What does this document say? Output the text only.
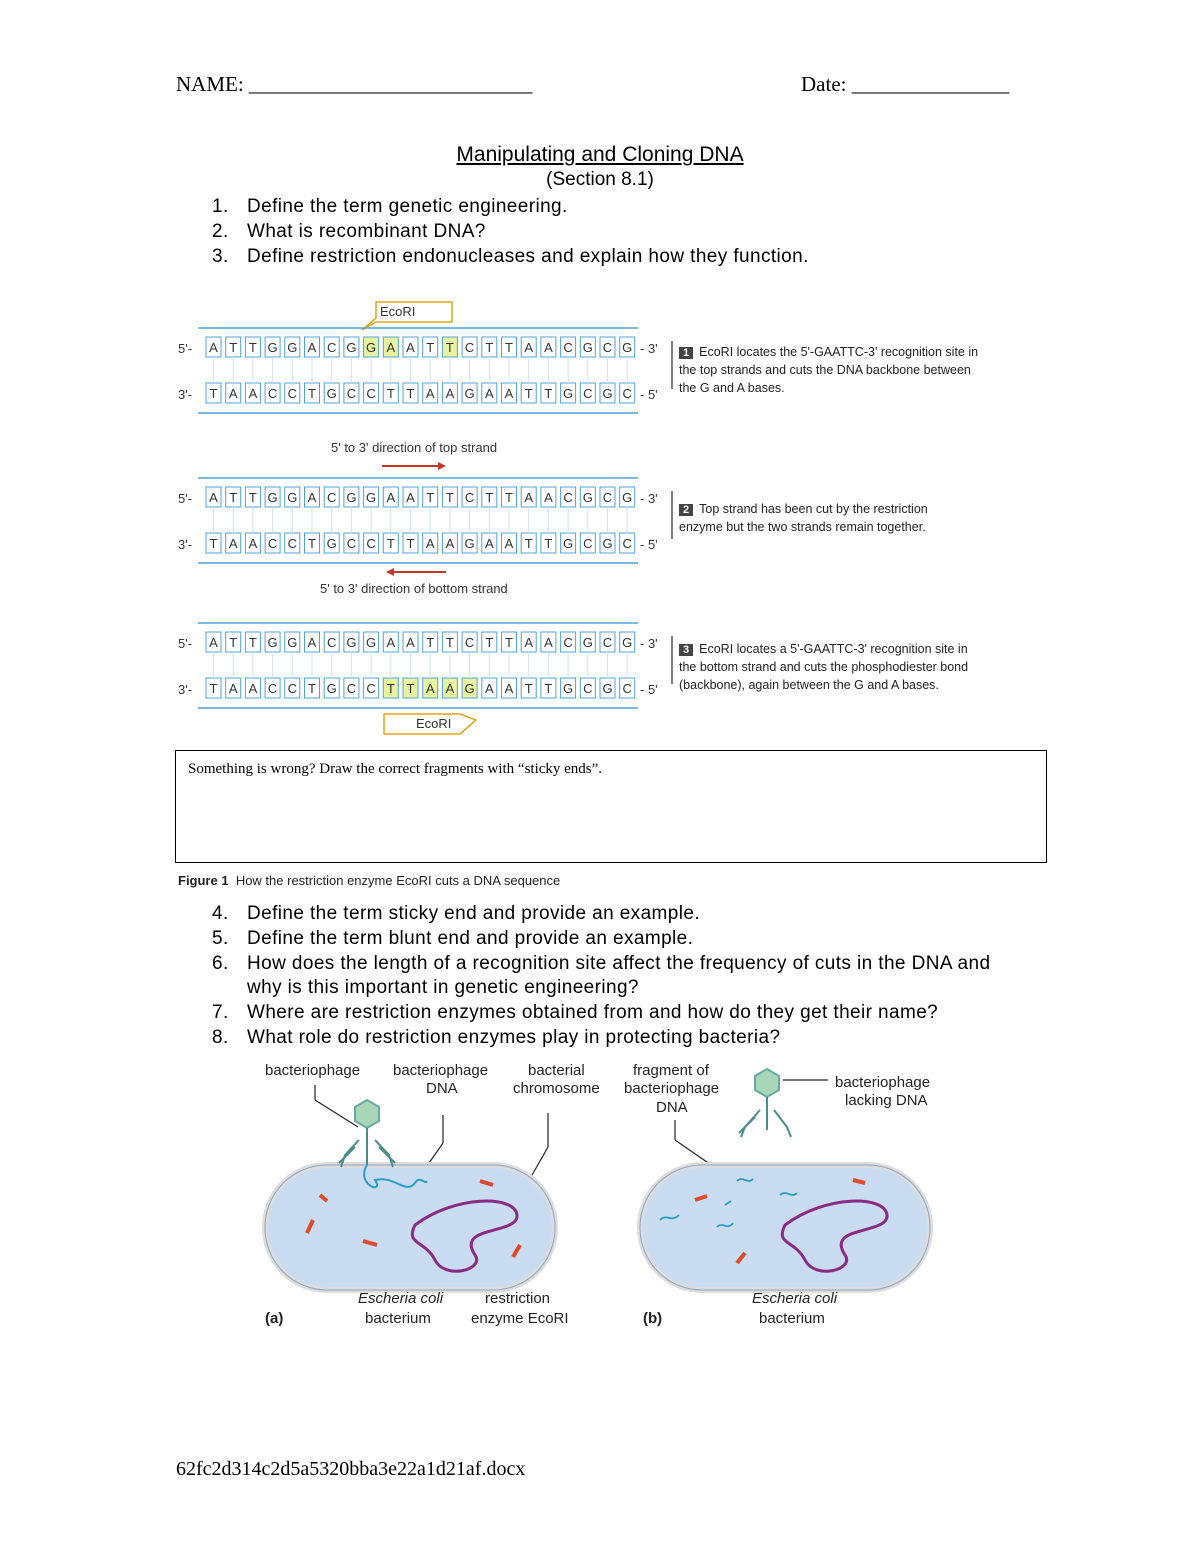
NAME: ___________________________	Date: _______________
Manipulating and Cloning DNA
(Section 8.1)
1. Define the term genetic engineering.
2. What is recombinant DNA?
3. Define restriction endonucleases and explain how they function.
EcoRI
5'-
3'-
- 3'
- 5'
A
T
T
A
T
A
G
C
G
C
A
T
C
G
G
C
G
C
A
T
A
T
T
A
T
A
C
G
T
A
T
A
A
T
A
T
C
G
G
C
C
G
G
C
5'-
3'-
- 3'
- 5'
A
T
T
A
T
A
G
C
G
C
A
T
C
G
G
C
G
C
A
T
A
T
T
A
T
A
C
G
T
A
T
A
A
T
A
T
C
G
G
C
C
G
G
C
5'-
3'-
- 3'
- 5'
A
T
T
A
T
A
G
C
G
C
A
T
C
G
G
C
G
C
A
T
A
T
T
A
T
A
C
G
T
A
T
A
A
T
A
T
C
G
G
C
C
G
G
C
5' to 3' direction of top strand
5' to 3' direction of bottom strand
EcoRI
1 EcoRI locates the 5'-GAATTC-3' recognition site in the top strands and cuts the DNA backbone between the G and A bases.
2 Top strand has been cut by the restriction enzyme but the two strands remain together.
3 EcoRI locates a 5'-GAATTC-3' recognition site in the bottom strand and cuts the phosphodiester bond (backbone), again between the G and A bases.
Something is wrong? Draw the correct fragments with “sticky ends”.
Figure 1 How the restriction enzyme EcoRI cuts a DNA sequence
4. Define the term sticky end and provide an example.
5. Define the term blunt end and provide an example.
6. How does the length of a recognition site affect the frequency of cuts in the DNA and why is this important in genetic engineering?
7. Where are restriction enzymes obtained from and how do they get their name?
8. What role do restriction enzymes play in protecting bacteria?
bacteriophage bacteriophage
DNA
bacterial
chromosome
Escheria coli
bacterium
restriction
enzyme EcoRI
(a)
fragment of
bacteriophage
DNA
bacteriophage
lacking DNA
Escheria coli
bacterium
(b)
62fc2d314c2d5a5320bba3e22a1d21af.docx
